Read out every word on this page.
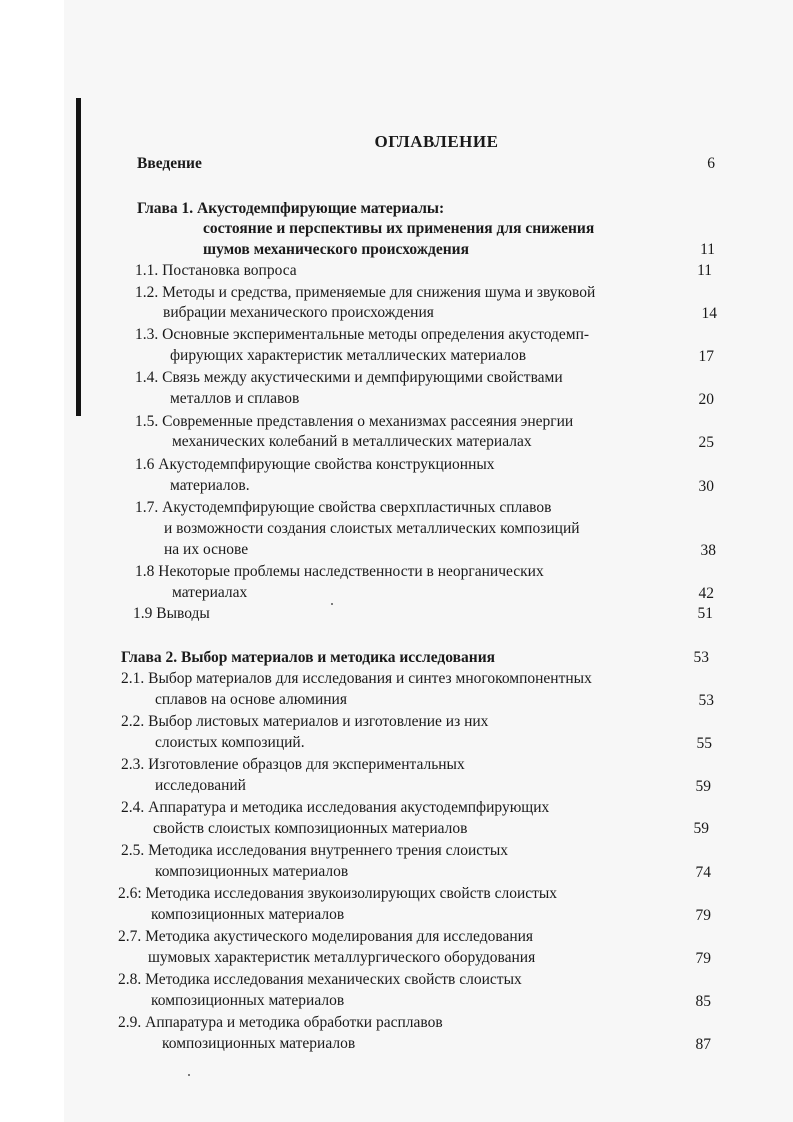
ОГЛАВЛЕНИЕ
Введение	6
Глава 1. Акустодемпфирующие материалы:
состояние и перспективы их применения для снижения
шумов механического происхождения	11
1.1. Постановка вопроса	11
1.2. Методы и средства, применяемые для снижения шума и звуковой
вибрации механического происхождения	14
1.3. Основные экспериментальные методы определения акустодемп-
фирующих характеристик металлических материалов	17
1.4. Связь между акустическими и демпфирующими свойствами
металлов и сплавов	20
1.5. Современные представления о механизмах рассеяния энергии
механических колебаний в металлических материалах	25
1.6 Акустодемпфирующие свойства конструкционных
материалов.	30
1.7. Акустодемпфирующие свойства сверхпластичных сплавов
и возможности создания слоистых металлических композиций
на их основе	38
1.8 Некоторые проблемы наследственности в неорганических
материалах	42
1.9 Выводы	51
Глава 2. Выбор материалов и методика исследования	53
2.1. Выбор материалов для исследования и синтез многокомпонентных
сплавов на основе алюминия	53
2.2. Выбор листовых материалов и изготовление из них
слоистых композиций.	55
2.3. Изготовление образцов для экспериментальных
исследований	59
2.4. Аппаратура и методика исследования акустодемпфирующих
свойств слоистых композиционных материалов	59
2.5. Методика исследования внутреннего трения слоистых
композиционных материалов	74
2.6: Методика исследования звукоизолирующих свойств слоистых
композиционных материалов	79
2.7. Методика акустического моделирования для исследования
шумовых характеристик металлургического оборудования	79
2.8. Методика исследования механических свойств слоистых
композиционных материалов	85
2.9. Аппаратура и методика обработки расплавов
композиционных материалов	87
